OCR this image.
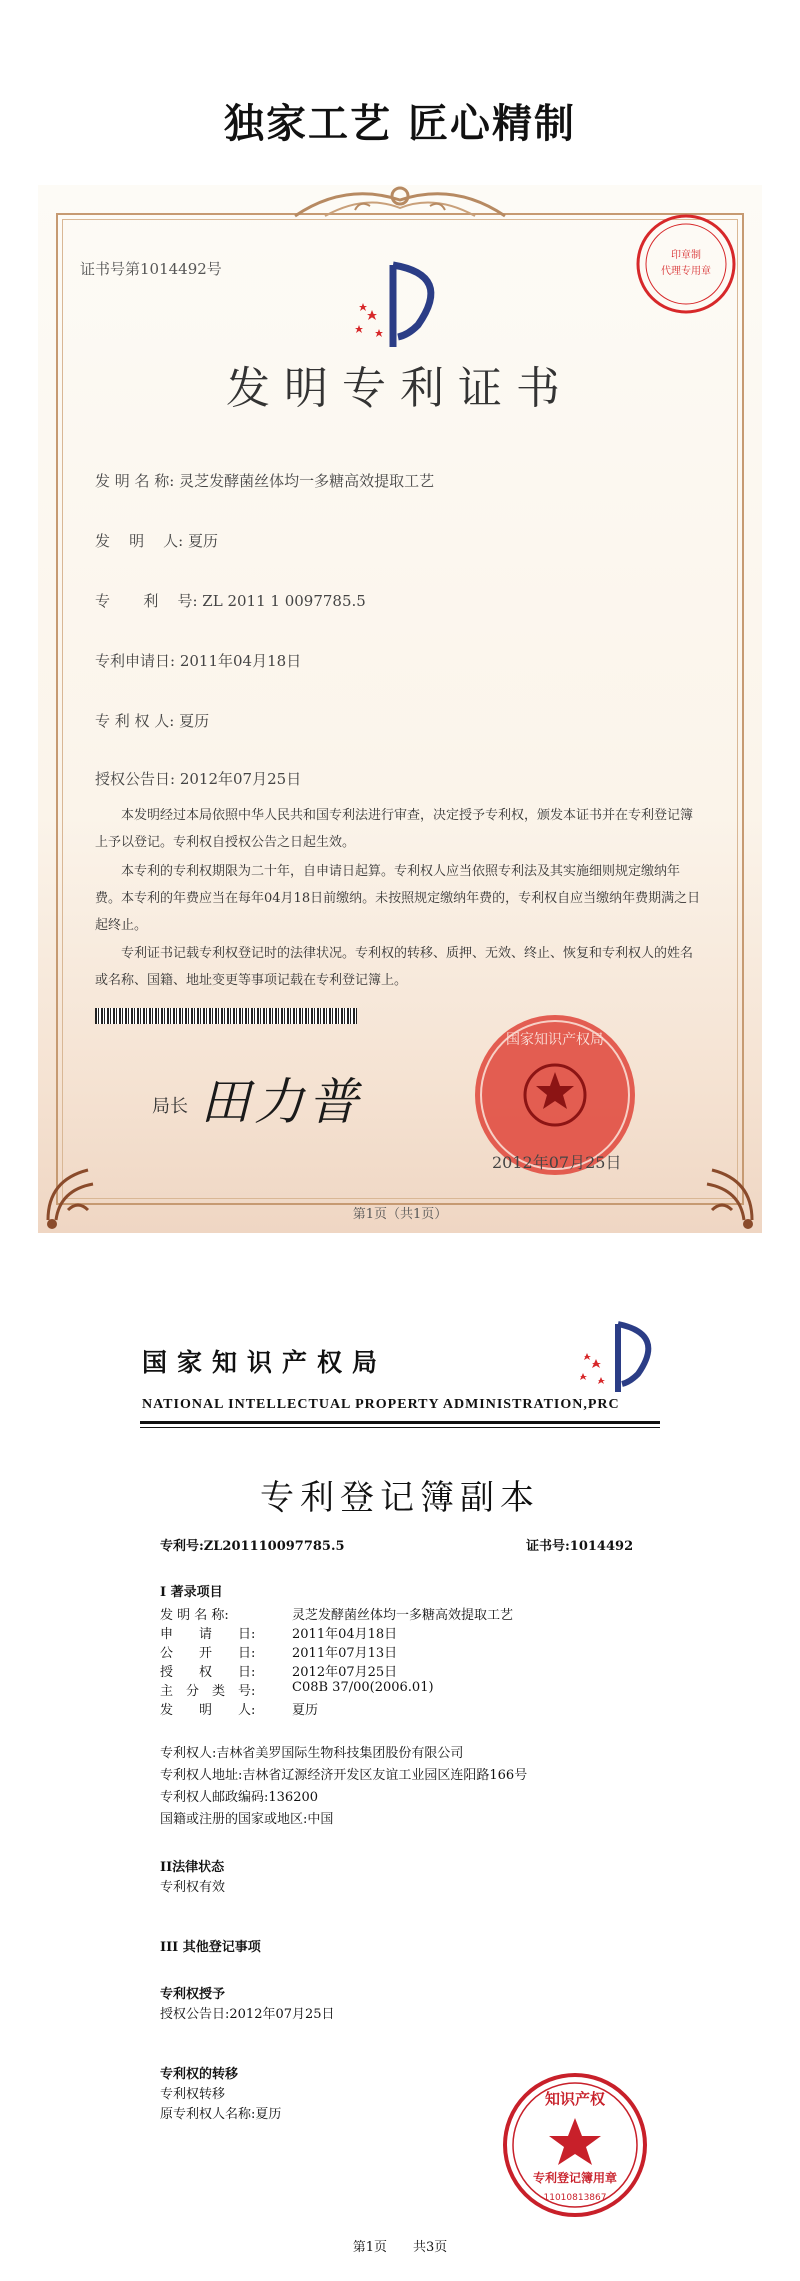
独家工艺 匠心精制
证书号第1014492号
印章制
代理专用章
发明专利证书
发 明 名 称: 灵芝发酵菌丝体均一多糖高效提取工艺
发    明    人: 夏历
专       利    号: ZL 2011 1 0097785.5
专利申请日: 2011年04月18日
专 利 权 人: 夏历
授权公告日: 2012年07月25日
本发明经过本局依照中华人民共和国专利法进行审查，决定授予专利权，颁发本证书并在专利登记簿上予以登记。专利权自授权公告之日起生效。
本专利的专利权期限为二十年，自申请日起算。专利权人应当依照专利法及其实施细则规定缴纳年费。本专利的年费应当在每年04月18日前缴纳。未按照规定缴纳年费的，专利权自应当缴纳年费期满之日起终止。
专利证书记载专利权登记时的法律状况。专利权的转移、质押、无效、终止、恢复和专利权人的姓名或名称、国籍、地址变更等事项记载在专利登记簿上。
局长 田力普
国家知识产权局
2012年07月25日
第1页（共1页）
国家知识产权局
NATIONAL INTELLECTUAL PROPERTY ADMINISTRATION,PRC
专利登记簿副本
专利号:ZL201110097785.5	证书号:1014492
I 著录项目
发 明 名 称:	灵芝发酵菌丝体均一多糖高效提取工艺
申　　请　　日:	2011年04月18日
公　　开　　日:	2011年07月13日
授　　权　　日:	2012年07月25日
主　分　类　号:	C08B 37/00(2006.01)
发　　明　　人:	夏历
专利权人:吉林省美罗国际生物科技集团股份有限公司
专利权人地址:吉林省辽源经济开发区友谊工业园区连阳路166号
专利权人邮政编码:136200
国籍或注册的国家或地区:中国
II法律状态
专利权有效
III 其他登记事项
专利权授予
授权公告日:2012年07月25日
专利权的转移
专利权转移
原专利权人名称:夏历
知识产权
专利登记簿用章
11010813867
第1页　　共3页
